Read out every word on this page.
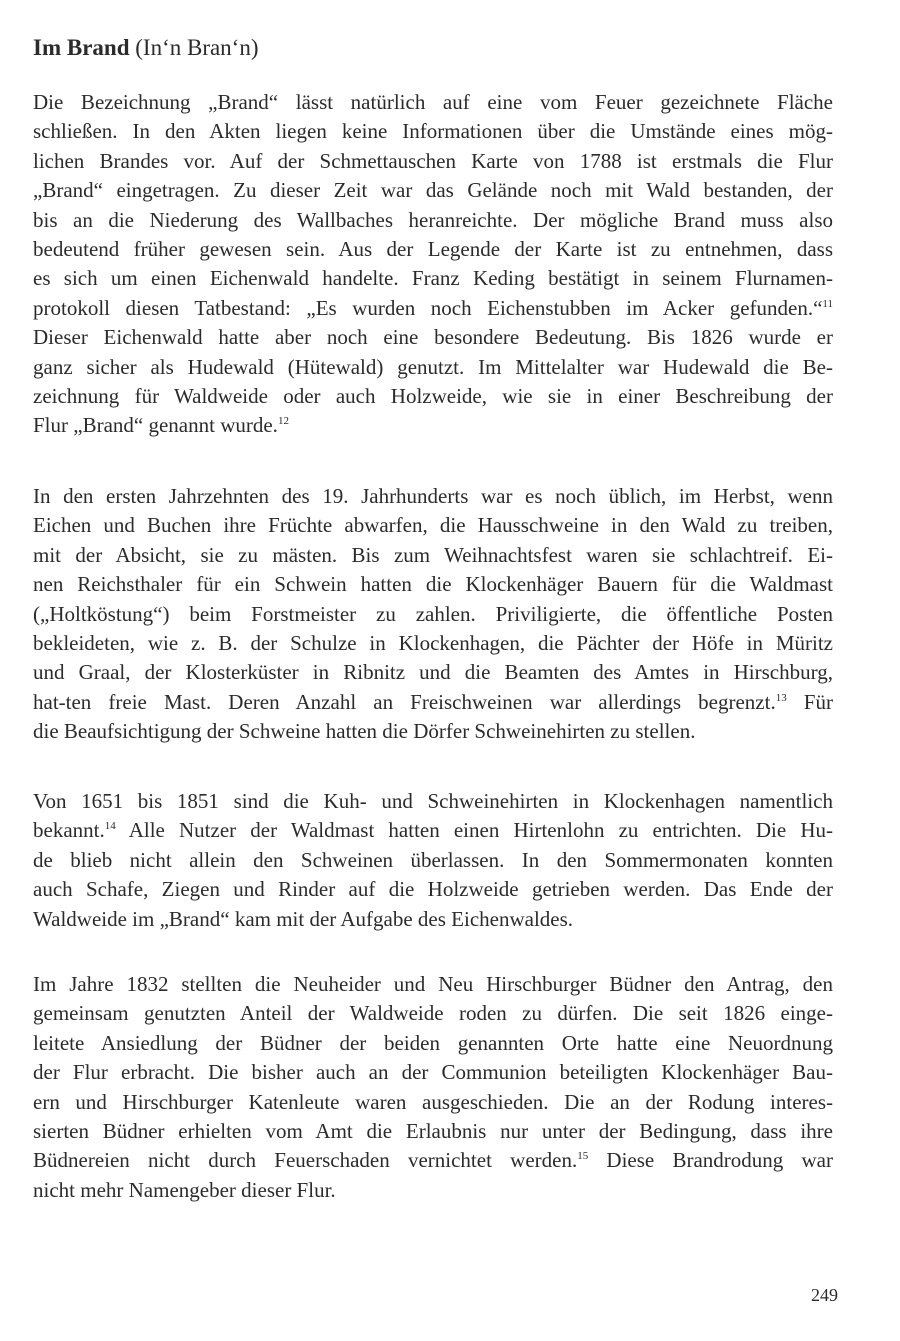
Im Brand (In‘n Bran‘n)
Die Bezeichnung „Brand“ lässt natürlich auf eine vom Feuer gezeichnete Fläche
schließen. In den Akten liegen keine Informationen über die Umstände eines mög-
lichen Brandes vor. Auf der Schmettauschen Karte von 1788 ist erstmals die Flur
„Brand“ eingetragen. Zu dieser Zeit war das Gelände noch mit Wald bestanden, der
bis an die Niederung des Wallbaches heranreichte. Der mögliche Brand muss also
bedeutend früher gewesen sein. Aus der Legende der Karte ist zu entnehmen, dass
es sich um einen Eichenwald handelte. Franz Keding bestätigt in seinem Flurnamen-
protokoll diesen Tatbestand: „Es wurden noch Eichenstubben im Acker gefunden.“$^{11}$
Dieser Eichenwald hatte aber noch eine besondere Bedeutung. Bis 1826 wurde er
ganz sicher als Hudewald (Hütewald) genutzt. Im Mittelalter war Hudewald die Be-
zeichnung für Waldweide oder auch Holzweide, wie sie in einer Beschreibung der
Flur „Brand“ genannt wurde.$^{12}$
In den ersten Jahrzehnten des 19. Jahrhunderts war es noch üblich, im Herbst, wenn
Eichen und Buchen ihre Früchte abwarfen, die Hausschweine in den Wald zu treiben,
mit der Absicht, sie zu mästen. Bis zum Weihnachtsfest waren sie schlachtreif. Ei-
nen Reichsthaler für ein Schwein hatten die Klockenhäger Bauern für die Waldmast
(„Holtköstung“) beim Forstmeister zu zahlen. Priviligierte, die öffentliche Posten
bekleideten, wie z. B. der Schulze in Klockenhagen, die Pächter der Höfe in Müritz
und Graal, der Klosterküster in Ribnitz und die Beamten des Amtes in Hirschburg,
hat-ten freie Mast. Deren Anzahl an Freischweinen war allerdings begrenzt.$^{13}$ Für
die Beaufsichtigung der Schweine hatten die Dörfer Schweinehirten zu stellen.
Von 1651 bis 1851 sind die Kuh- und Schweinehirten in Klockenhagen namentlich
bekannt.$^{14}$ Alle Nutzer der Waldmast hatten einen Hirtenlohn zu entrichten. Die Hu-
de blieb nicht allein den Schweinen überlassen. In den Sommermonaten konnten
auch Schafe, Ziegen und Rinder auf die Holzweide getrieben werden. Das Ende der
Waldweide im „Brand“ kam mit der Aufgabe des Eichenwaldes.
Im Jahre 1832 stellten die Neuheider und Neu Hirschburger Büdner den Antrag, den
gemeinsam genutzten Anteil der Waldweide roden zu dürfen. Die seit 1826 einge-
leitete Ansiedlung der Büdner der beiden genannten Orte hatte eine Neuordnung
der Flur erbracht. Die bisher auch an der Communion beteiligten Klockenhäger Bau-
ern und Hirschburger Katenleute waren ausgeschieden. Die an der Rodung interes-
sierten Büdner erhielten vom Amt die Erlaubnis nur unter der Bedingung, dass ihre
Büdnereien nicht durch Feuerschaden vernichtet werden.$^{15}$ Diese Brandrodung war
nicht mehr Namengeber dieser Flur.
249
